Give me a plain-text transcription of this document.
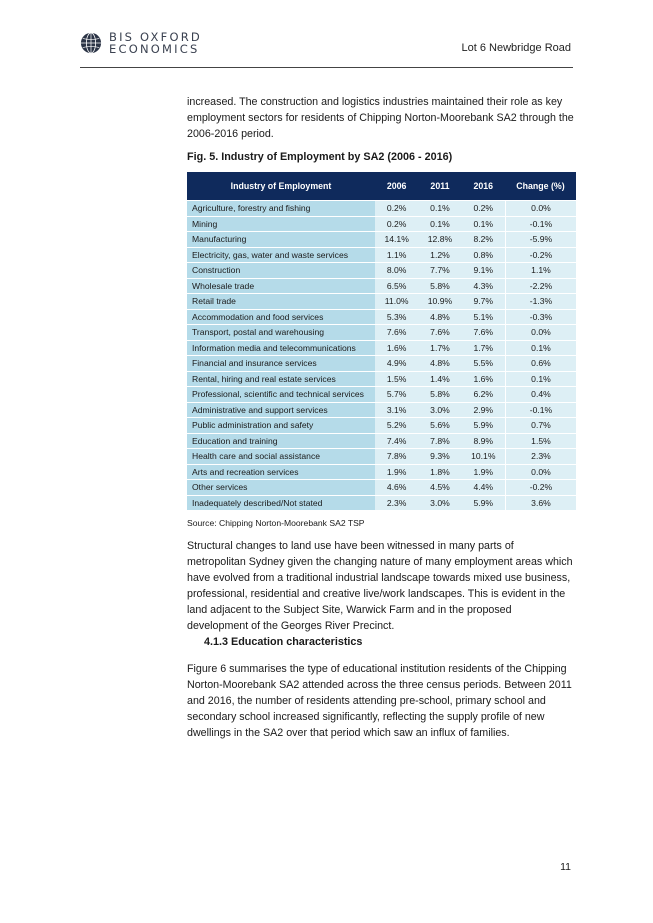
BIS OXFORD
ECONOMICS	Lot 6 Newbridge Road

increased. The construction and logistics industries maintained their role as key employment sectors for residents of Chipping Norton-Moorebank SA2 through the 2006-2016 period.

Fig. 5. Industry of Employment by SA2 (2006 - 2016)
Industry of Employment	2006	2011	2016	Change (%)
Agriculture, forestry and fishing	0.2%	0.1%	0.2%	0.0%
Mining	0.2%	0.1%	0.1%	-0.1%
Manufacturing	14.1%	12.8%	8.2%	-5.9%
Electricity, gas, water and waste services	1.1%	1.2%	0.8%	-0.2%
Construction	8.0%	7.7%	9.1%	1.1%
Wholesale trade	6.5%	5.8%	4.3%	-2.2%
Retail trade	11.0%	10.9%	9.7%	-1.3%
Accommodation and food services	5.3%	4.8%	5.1%	-0.3%
Transport, postal and warehousing	7.6%	7.6%	7.6%	0.0%
Information media and telecommunications	1.6%	1.7%	1.7%	0.1%
Financial and insurance services	4.9%	4.8%	5.5%	0.6%
Rental, hiring and real estate services	1.5%	1.4%	1.6%	0.1%
Professional, scientific and technical services	5.7%	5.8%	6.2%	0.4%
Administrative and support services	3.1%	3.0%	2.9%	-0.1%
Public administration and safety	5.2%	5.6%	5.9%	0.7%
Education and training	7.4%	7.8%	8.9%	1.5%
Health care and social assistance	7.8%	9.3%	10.1%	2.3%
Arts and recreation services	1.9%	1.8%	1.9%	0.0%
Other services	4.6%	4.5%	4.4%	-0.2%
Inadequately described/Not stated	2.3%	3.0%	5.9%	3.6%
Source: Chipping Norton-Moorebank SA2 TSP

Structural changes to land use have been witnessed in many parts of metropolitan Sydney given the changing nature of many employment areas which have evolved from a traditional industrial landscape towards mixed use business, professional, residential and creative live/work landscapes. This is evident in the land adjacent to the Subject Site, Warwick Farm and in the proposed development of the Georges River Precinct.

4.1.3 Education characteristics

Figure 6 summarises the type of educational institution residents of the Chipping Norton-Moorebank SA2 attended across the three census periods. Between 2011 and 2016, the number of residents attending pre-school, primary school and secondary school increased significantly, reflecting the supply profile of new dwellings in the SA2 over that period which saw an influx of families.

11
